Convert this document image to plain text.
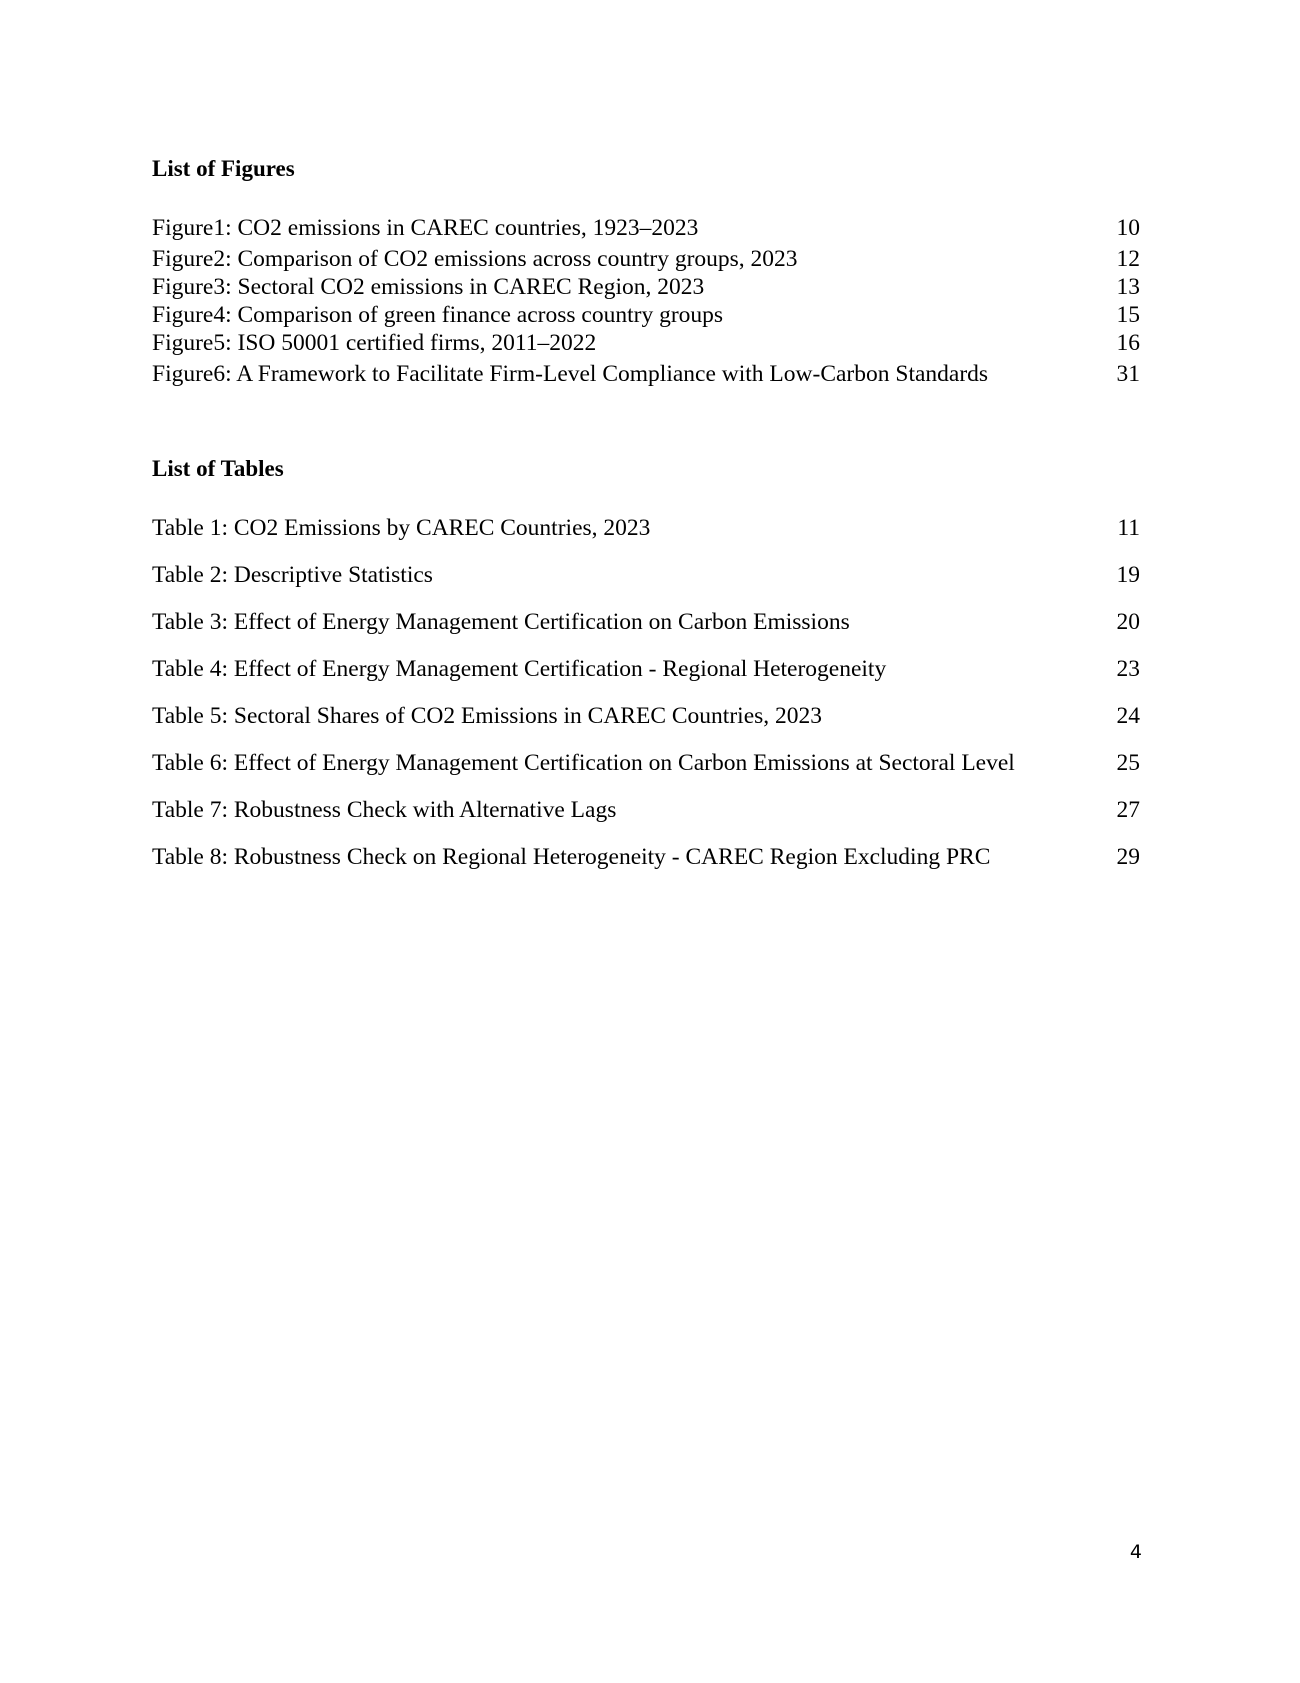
List of Figures
Figure1: CO2 emissions in CAREC countries, 1923–2023	10
Figure2: Comparison of CO2 emissions across country groups, 2023	12
Figure3: Sectoral CO2 emissions in CAREC Region, 2023	13
Figure4: Comparison of green finance across country groups	15
Figure5: ISO 50001 certified firms, 2011–2022	16
Figure6: A Framework to Facilitate Firm-Level Compliance with Low-Carbon Standards	31
List of Tables
Table 1: CO2 Emissions by CAREC Countries, 2023	11
Table 2: Descriptive Statistics	19
Table 3: Effect of Energy Management Certification on Carbon Emissions	20
Table 4: Effect of Energy Management Certification - Regional Heterogeneity	23
Table 5: Sectoral Shares of CO2 Emissions in CAREC Countries, 2023	24
Table 6: Effect of Energy Management Certification on Carbon Emissions at Sectoral Level	25
Table 7: Robustness Check with Alternative Lags	27
Table 8: Robustness Check on Regional Heterogeneity - CAREC Region Excluding PRC	29
4
